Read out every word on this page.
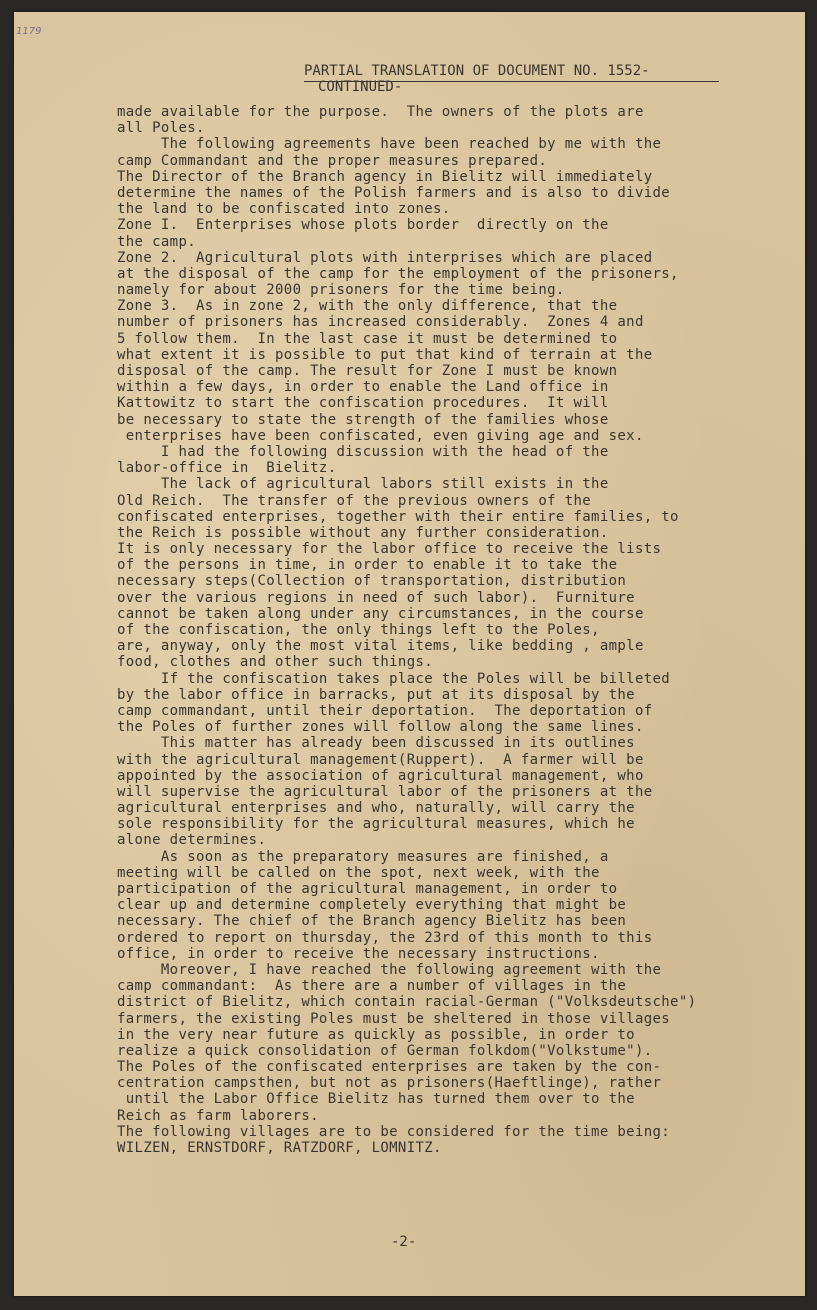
1179
PARTIAL TRANSLATION OF DOCUMENT NO. 1552-
CONTINUED-
made available for the purpose.  The owners of the plots are
all Poles.
The following agreements have been reached by me with the
camp Commandant and the proper measures prepared.
The Director of the Branch agency in Bielitz will immediately
determine the names of the Polish farmers and is also to divide
the land to be confiscated into zones.
Zone I.  Enterprises whose plots border  directly on the
the camp.
Zone 2.  Agricultural plots with interprises which are placed
at the disposal of the camp for the employment of the prisoners,
namely for about 2000 prisoners for the time being.
Zone 3.  As in zone 2, with the only difference, that the
number of prisoners has increased considerably.  Zones 4 and
5 follow them.  In the last case it must be determined to
what extent it is possible to put that kind of terrain at the
disposal of the camp. The result for Zone I must be known
within a few days, in order to enable the Land office in
Kattowitz to start the confiscation procedures.  It will
be necessary to state the strength of the families whose
enterprises have been confiscated, even giving age and sex.
I had the following discussion with the head of the
labor-office in  Bielitz.
The lack of agricultural labors still exists in the
Old Reich.  The transfer of the previous owners of the
confiscated enterprises, together with their entire families, to
the Reich is possible without any further consideration.
It is only necessary for the labor office to receive the lists
of the persons in time, in order to enable it to take the
necessary steps(Collection of transportation, distribution
over the various regions in need of such labor).  Furniture
cannot be taken along under any circumstances, in the course
of the confiscation, the only things left to the Poles,
are, anyway, only the most vital items, like bedding , ample
food, clothes and other such things.
If the confiscation takes place the Poles will be billeted
by the labor office in barracks, put at its disposal by the
camp commandant, until their deportation.  The deportation of
the Poles of further zones will follow along the same lines.
This matter has already been discussed in its outlines
with the agricultural management(Ruppert).  A farmer will be
appointed by the association of agricultural management, who
will supervise the agricultural labor of the prisoners at the
agricultural enterprises and who, naturally, will carry the
sole responsibility for the agricultural measures, which he
alone determines.
As soon as the preparatory measures are finished, a
meeting will be called on the spot, next week, with the
participation of the agricultural management, in order to
clear up and determine completely everything that might be
necessary. The chief of the Branch agency Bielitz has been
ordered to report on thursday, the 23rd of this month to this
office, in order to receive the necessary instructions.
Moreover, I have reached the following agreement with the
camp commandant:  As there are a number of villages in the
district of Bielitz, which contain racial-German ("Volksdeutsche")
farmers, the existing Poles must be sheltered in those villages
in the very near future as quickly as possible, in order to
realize a quick consolidation of German folkdom("Volkstume").
The Poles of the confiscated enterprises are taken by the con-
centration campsthen, but not as prisoners(Haeftlinge), rather
until the Labor Office Bielitz has turned them over to the
Reich as farm laborers.
The following villages are to be considered for the time being:
WILZEN, ERNSTDORF, RATZDORF, LOMNITZ.
-2-
